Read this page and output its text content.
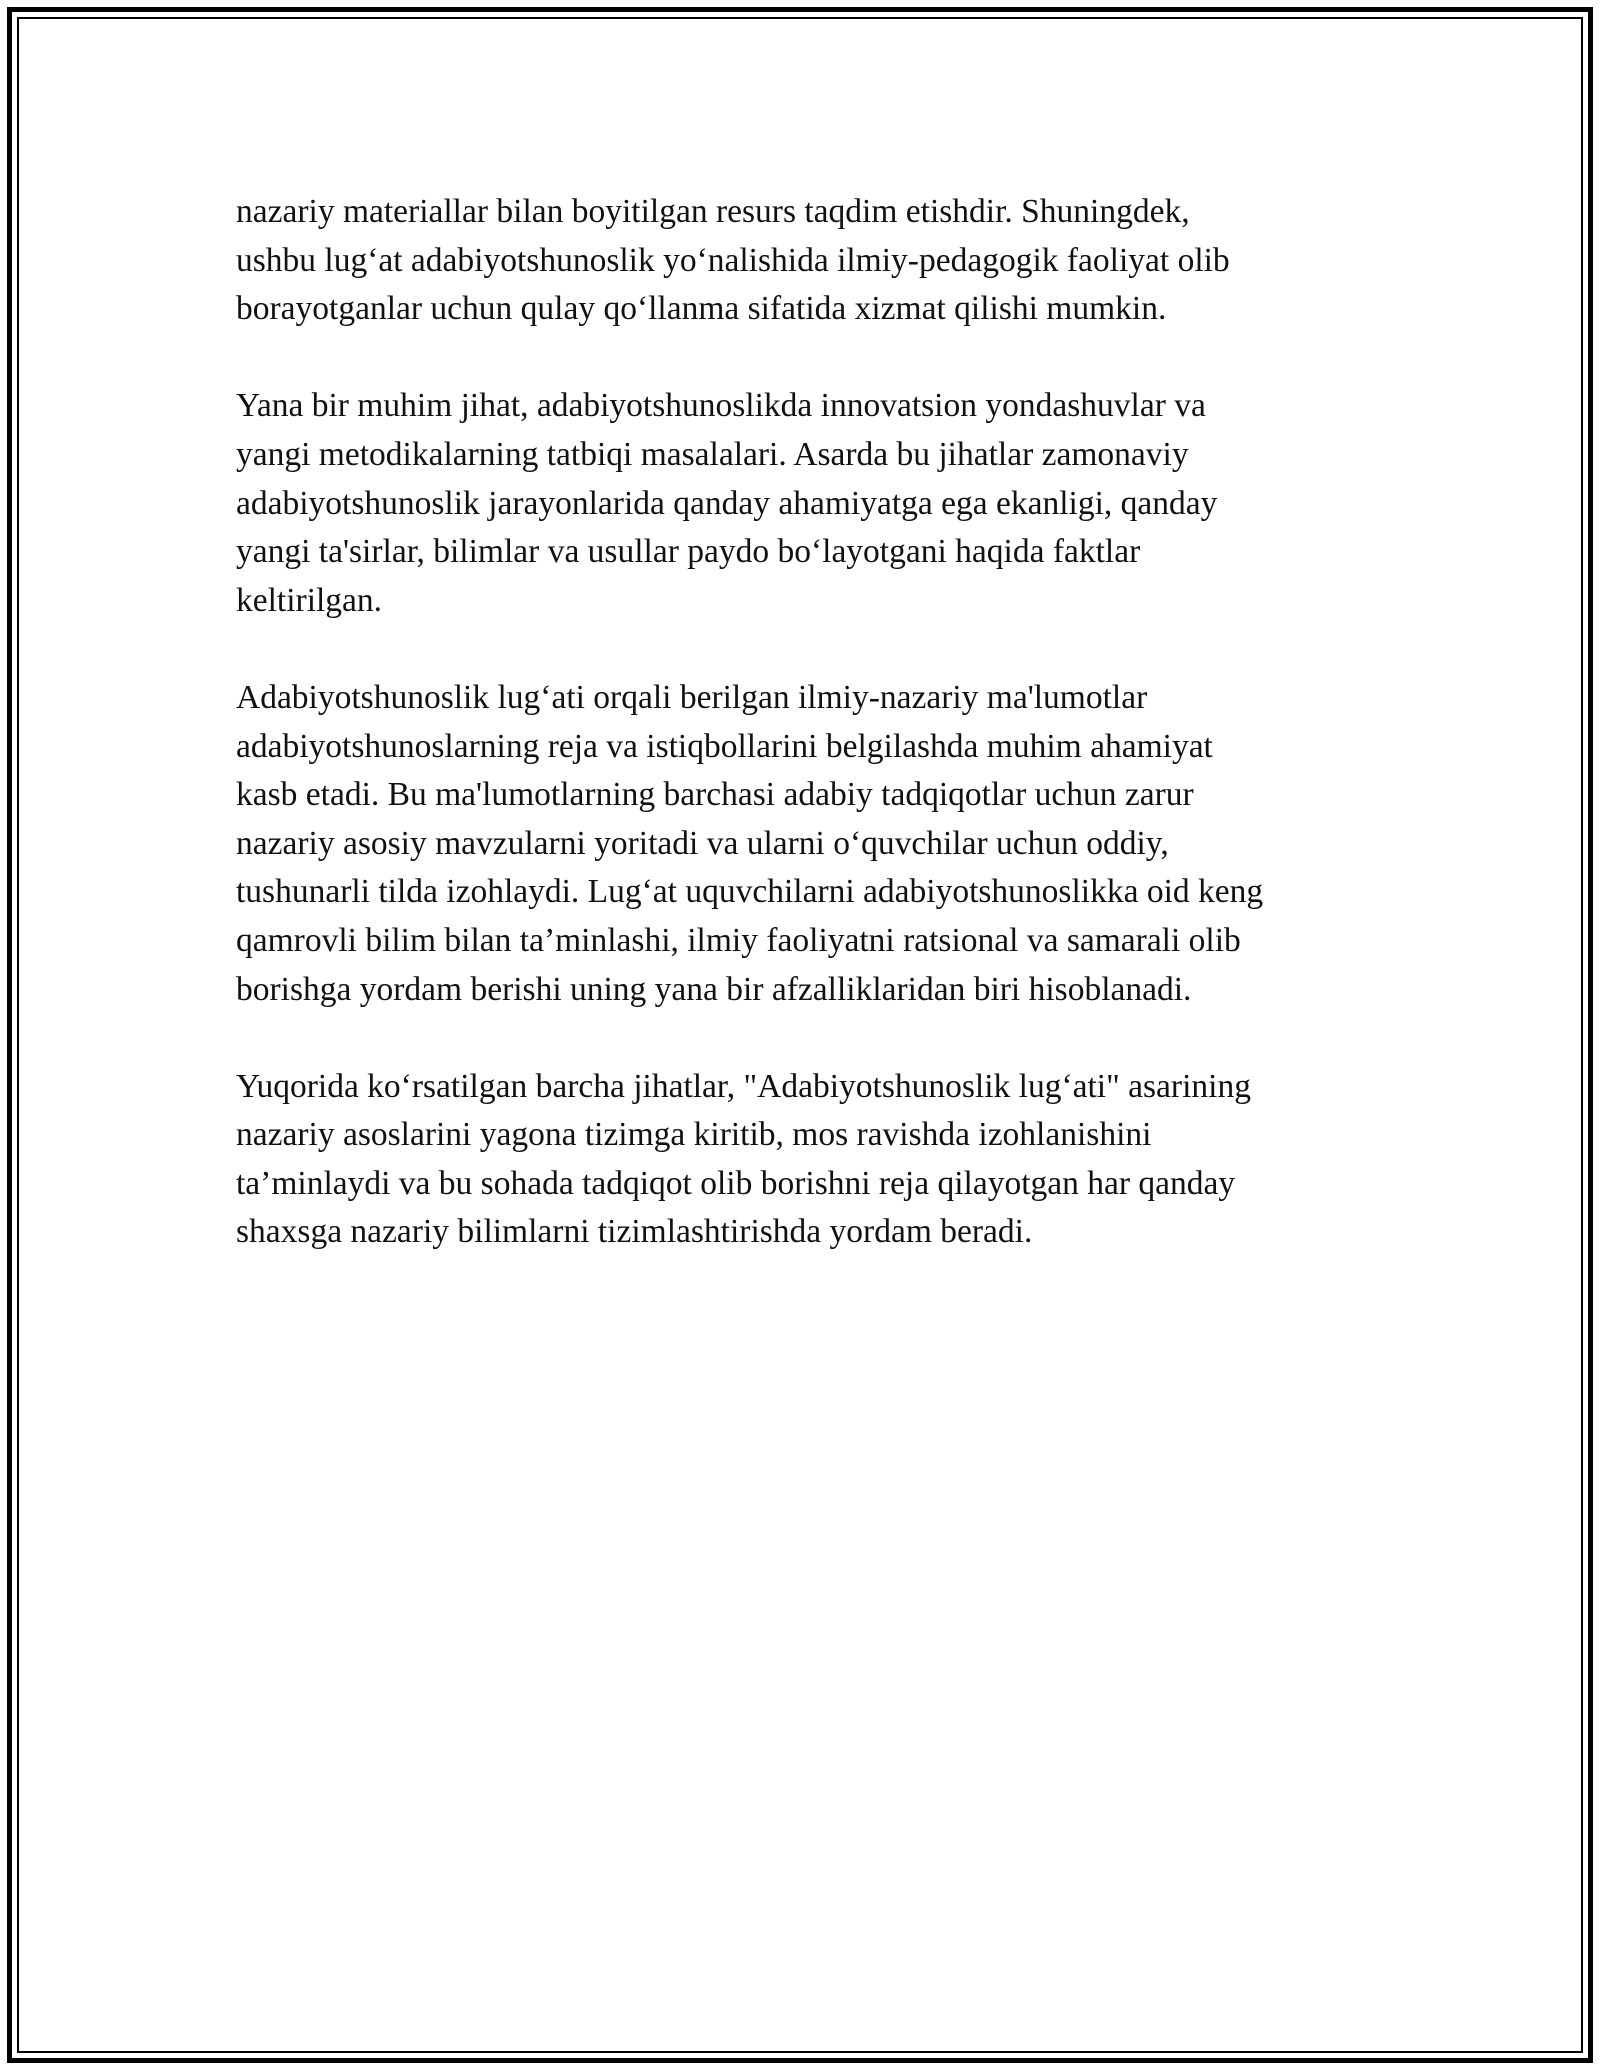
nazariy materiallar bilan boyitilgan resurs taqdim etishdir. Shuningdek,
ushbu lug‘at adabiyotshunoslik yo‘nalishida ilmiy-pedagogik faoliyat olib
borayotganlar uchun qulay qo‘llanma sifatida xizmat qilishi mumkin.

Yana bir muhim jihat, adabiyotshunoslikda innovatsion yondashuvlar va
yangi metodikalarning tatbiqi masalalari. Asarda bu jihatlar zamonaviy
adabiyotshunoslik jarayonlarida qanday ahamiyatga ega ekanligi, qanday
yangi ta'sirlar, bilimlar va usullar paydo bo‘layotgani haqida faktlar
keltirilgan.

Adabiyotshunoslik lug‘ati orqali berilgan ilmiy-nazariy ma'lumotlar
adabiyotshunoslarning reja va istiqbollarini belgilashda muhim ahamiyat
kasb etadi. Bu ma'lumotlarning barchasi adabiy tadqiqotlar uchun zarur
nazariy asosiy mavzularni yoritadi va ularni o‘quvchilar uchun oddiy,
tushunarli tilda izohlaydi. Lug‘at uquvchilarni adabiyotshunoslikka oid keng
qamrovli bilim bilan ta’minlashi, ilmiy faoliyatni ratsional va samarali olib
borishga yordam berishi uning yana bir afzalliklaridan biri hisoblanadi.

Yuqorida ko‘rsatilgan barcha jihatlar, "Adabiyotshunoslik lug‘ati" asarining
nazariy asoslarini yagona tizimga kiritib, mos ravishda izohlanishini
ta’minlaydi va bu sohada tadqiqot olib borishni reja qilayotgan har qanday
shaxsga nazariy bilimlarni tizimlashtirishda yordam beradi.
